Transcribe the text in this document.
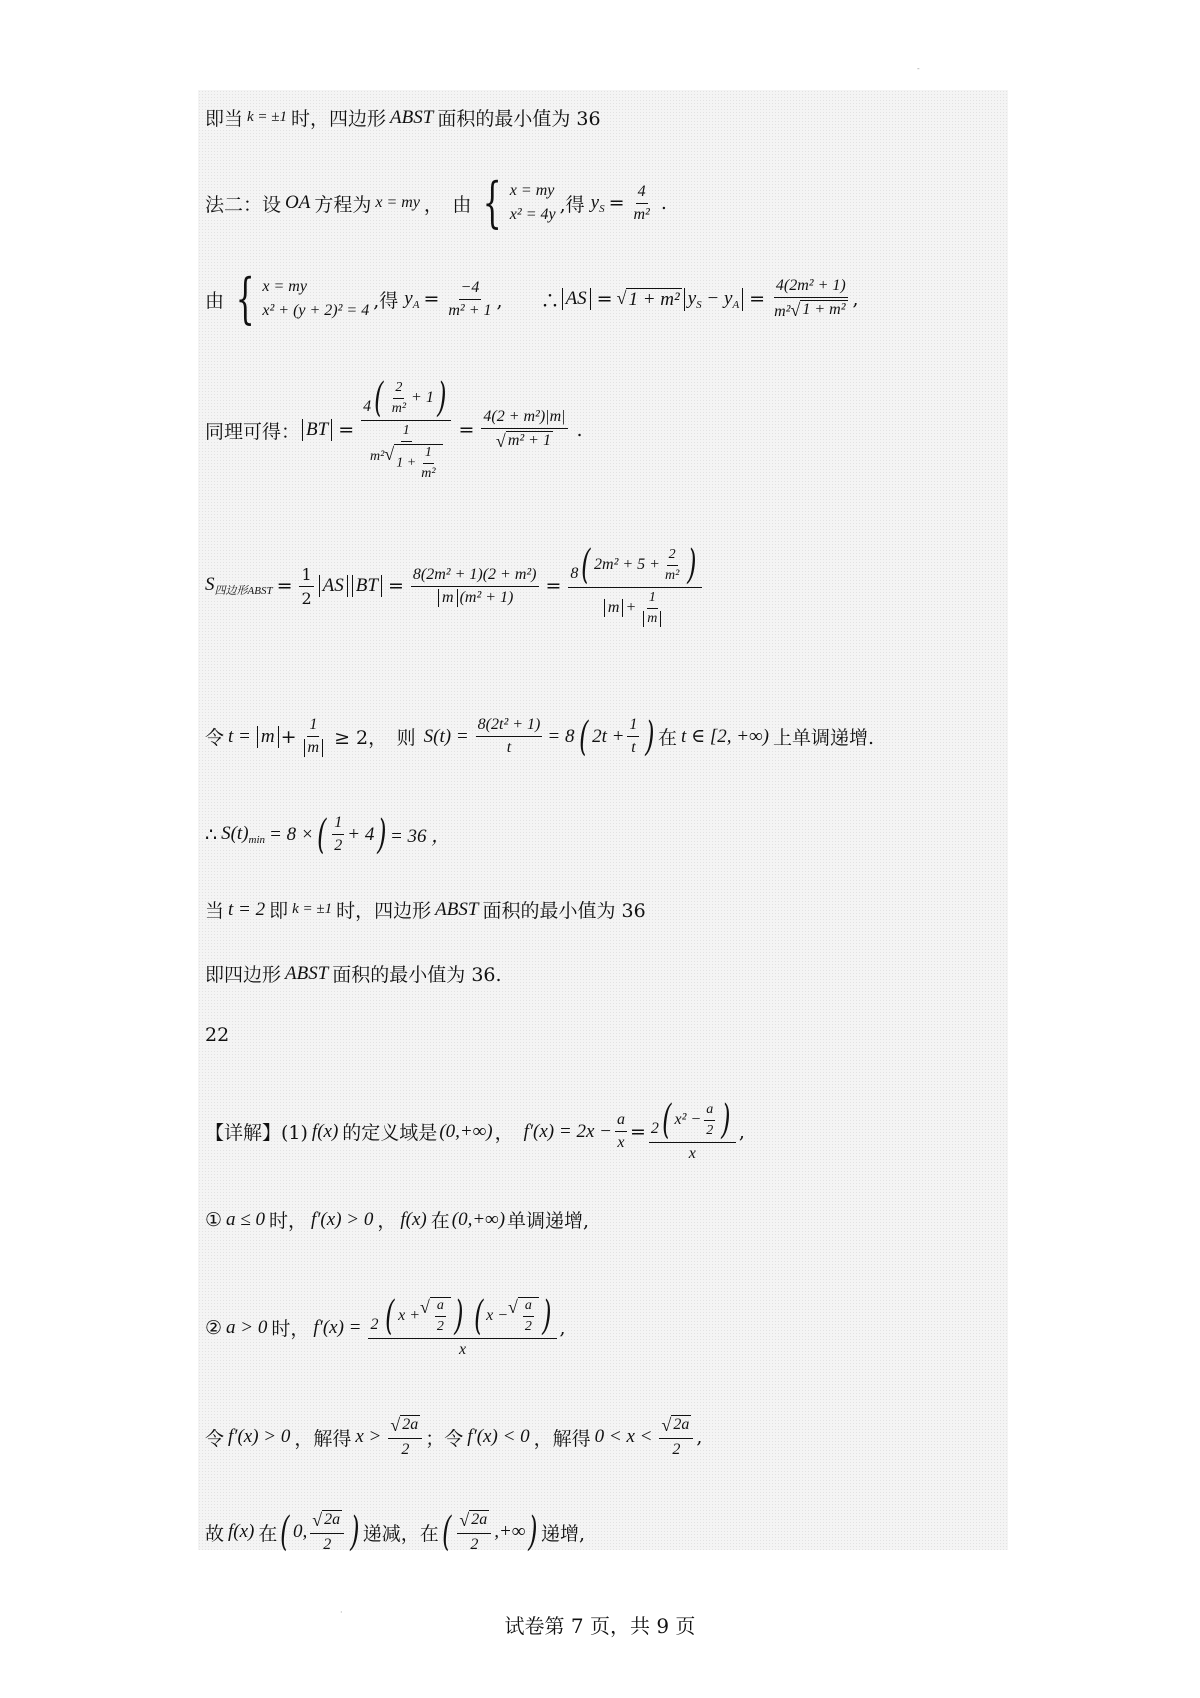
-
即当 k = ±1 时，四边形 ABST 面积的最小值为 36
法二：设 OA 方程为 x = my ，　由 { x = my
x² = 4y ,得 $y_S = \frac{4}{\text{m²}}$ .
由 { x = my
x² + (y + 2)² = 4 ,得 $y_A = \frac{-4}{\text{m² + 1}}$ ,　　∴ AS = √ 1 + m² $y_S - y_A = \frac{\text{4(2m² + 1)}}{\text{m² √ 1 + m²}}$ ,
同理可得： BT = $\frac{4 ( \frac{2}{\text{m²}} + 1 )}{\frac{1}{m^2 √ 1 + \frac{1}{\text{m²}}}} = \frac{\text{4(2 + m²)|m|}}{\text{√ m² + 1}}$ .
$S_{四边形ABST} = \frac{1}{2}$ AS BT = $\frac{\text{8(2m² + 1)(2 + m²)}}{\text{m (m² + 1)}} = \frac{8 ( 2m^2 + 5 + \frac{2}{\text{m²}} )}{m + \frac{1}{m}}$
令 $t = m + \frac{1}{m} \ge 2$，　则 $S(t) = \frac{\text{8(2t² + 1)}}{t} = 8$ ( $2t + \frac{1}{t}$ ) 在 t ∈ [2, +∞) 上单调递增.
∴ $S(t)_{min} = 8$ × ( $\frac{1}{2} + 4$ ) = 36 ，
当 t = 2 即 k = ±1 时，四边形 ABST 面积的最小值为 36
即四边形 ABST 面积的最小值为 36.
22
【详解】(1) f(x) 的定义域是 (0,+∞) ， $f'(x) = 2x - \frac{a}{x} = \frac{2 ( x^2 - \frac{a}{2} )}{x}$ ,
① a ≤ 0 时， f′(x) > 0 ， f(x) 在 (0,+∞) 单调递增,
② a > 0 时， f′(x) = 2 ( x + √ $\frac{a}{2}$ )
( x − √ $\frac{a}{2}$ )
x ,
令 f′(x) > 0 ，解得 $x > \frac{√ 2a}{2}$ ；令 f′(x) < 0 ，解得 $0 < x < \frac{√ 2a}{2}$ ,
故 f(x) 在 ( 0, $\frac{√ 2a}{2}$ ) 递减，在 ( $\frac{√ 2a}{2}$ ,+∞ ) 递增,
·
试卷第 7 页，共 9 页
